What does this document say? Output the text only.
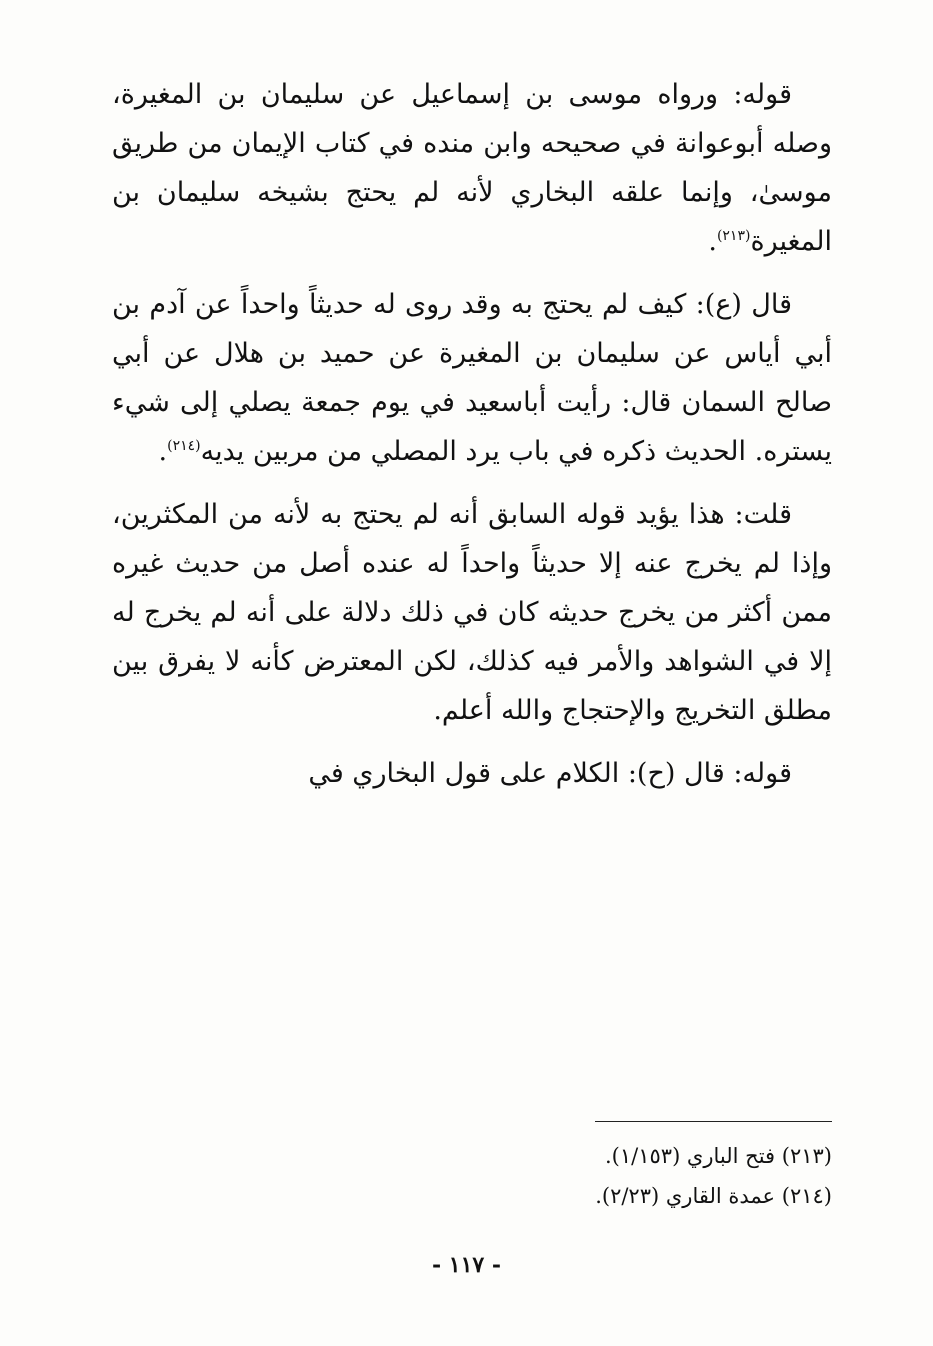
قوله: ورواه موسى بن إسماعيل عن سليمان بن المغيرة، وصله أبوعوانة في صحيحه وابن منده في كتاب الإيمان من طريق موسىٰ، وإنما علقه البخاري لأنه لم يحتج بشيخه سليمان بن المغيرة$^{(٢١٣)}$.

قال (ع): كيف لم يحتج به وقد روى له حديثاً واحداً عن آدم بن أبي أياس عن سليمان بن المغيرة عن حميد بن هلال عن أبي صالح السمان قال: رأيت أباسعيد في يوم جمعة يصلي إلى شيء يستره. الحديث ذكره في باب يرد المصلي من مربين يديه$^{(٢١٤)}$.

قلت: هذا يؤيد قوله السابق أنه لم يحتج به لأنه من المكثرين، وإذا لم يخرج عنه إلا حديثاً واحداً له عنده أصل من حديث غيره ممن أكثر من يخرج حديثه كان في ذلك دلالة على أنه لم يخرج له إلا في الشواهد والأمر فيه كذلك، لكن المعترض كأنه لا يفرق بين مطلق التخريج والإحتجاج والله أعلم.

قوله: قال (ح): الكلام على قول البخاري في

(٢١٣) فتح الباري (١/١٥٣).

(٢١٤) عمدة القاري (٢/٢٣).

- ١١٧ -
